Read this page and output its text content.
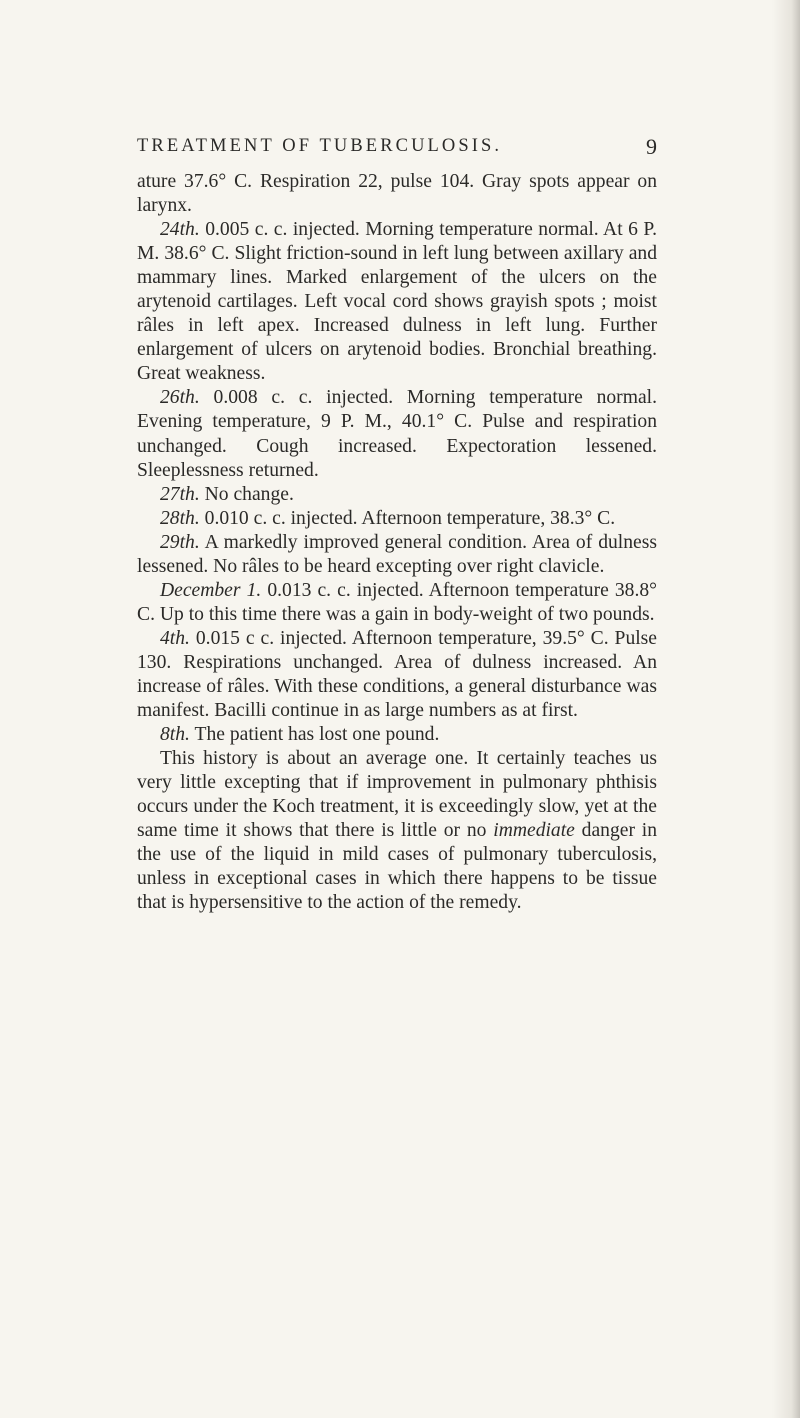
TREATMENT OF TUBERCULOSIS.	9

ature 37.6° C. Respiration 22, pulse 104. Gray spots appear on larynx.

24th. 0.005 c. c. injected. Morning temperature normal. At 6 P. M. 38.6° C. Slight friction-sound in left lung between axillary and mammary lines. Marked enlargement of the ulcers on the arytenoid cartilages. Left vocal cord shows grayish spots ; moist râles in left apex. Increased dulness in left lung. Further enlargement of ulcers on arytenoid bodies. Bronchial breathing. Great weakness.

26th. 0.008 c. c. injected. Morning temperature normal. Evening temperature, 9 P. M., 40.1° C. Pulse and respiration unchanged. Cough increased. Expectoration lessened. Sleeplessness returned.

27th. No change.

28th. 0.010 c. c. injected. Afternoon temperature, 38.3° C.

29th. A markedly improved general condition. Area of dulness lessened. No râles to be heard excepting over right clavicle.

December 1. 0.013 c. c. injected. Afternoon temperature 38.8° C. Up to this time there was a gain in body-weight of two pounds.

4th. 0.015 c c. injected. Afternoon temperature, 39.5° C. Pulse 130. Respirations unchanged. Area of dulness increased. An increase of râles. With these conditions, a general disturbance was manifest. Bacilli continue in as large numbers as at first.

8th. The patient has lost one pound.

This history is about an average one. It certainly teaches us very little excepting that if improvement in pulmonary phthisis occurs under the Koch treatment, it is exceedingly slow, yet at the same time it shows that there is little or no immediate danger in the use of the liquid in mild cases of pulmonary tuberculosis, unless in exceptional cases in which there happens to be tissue that is hypersensitive to the action of the remedy.
